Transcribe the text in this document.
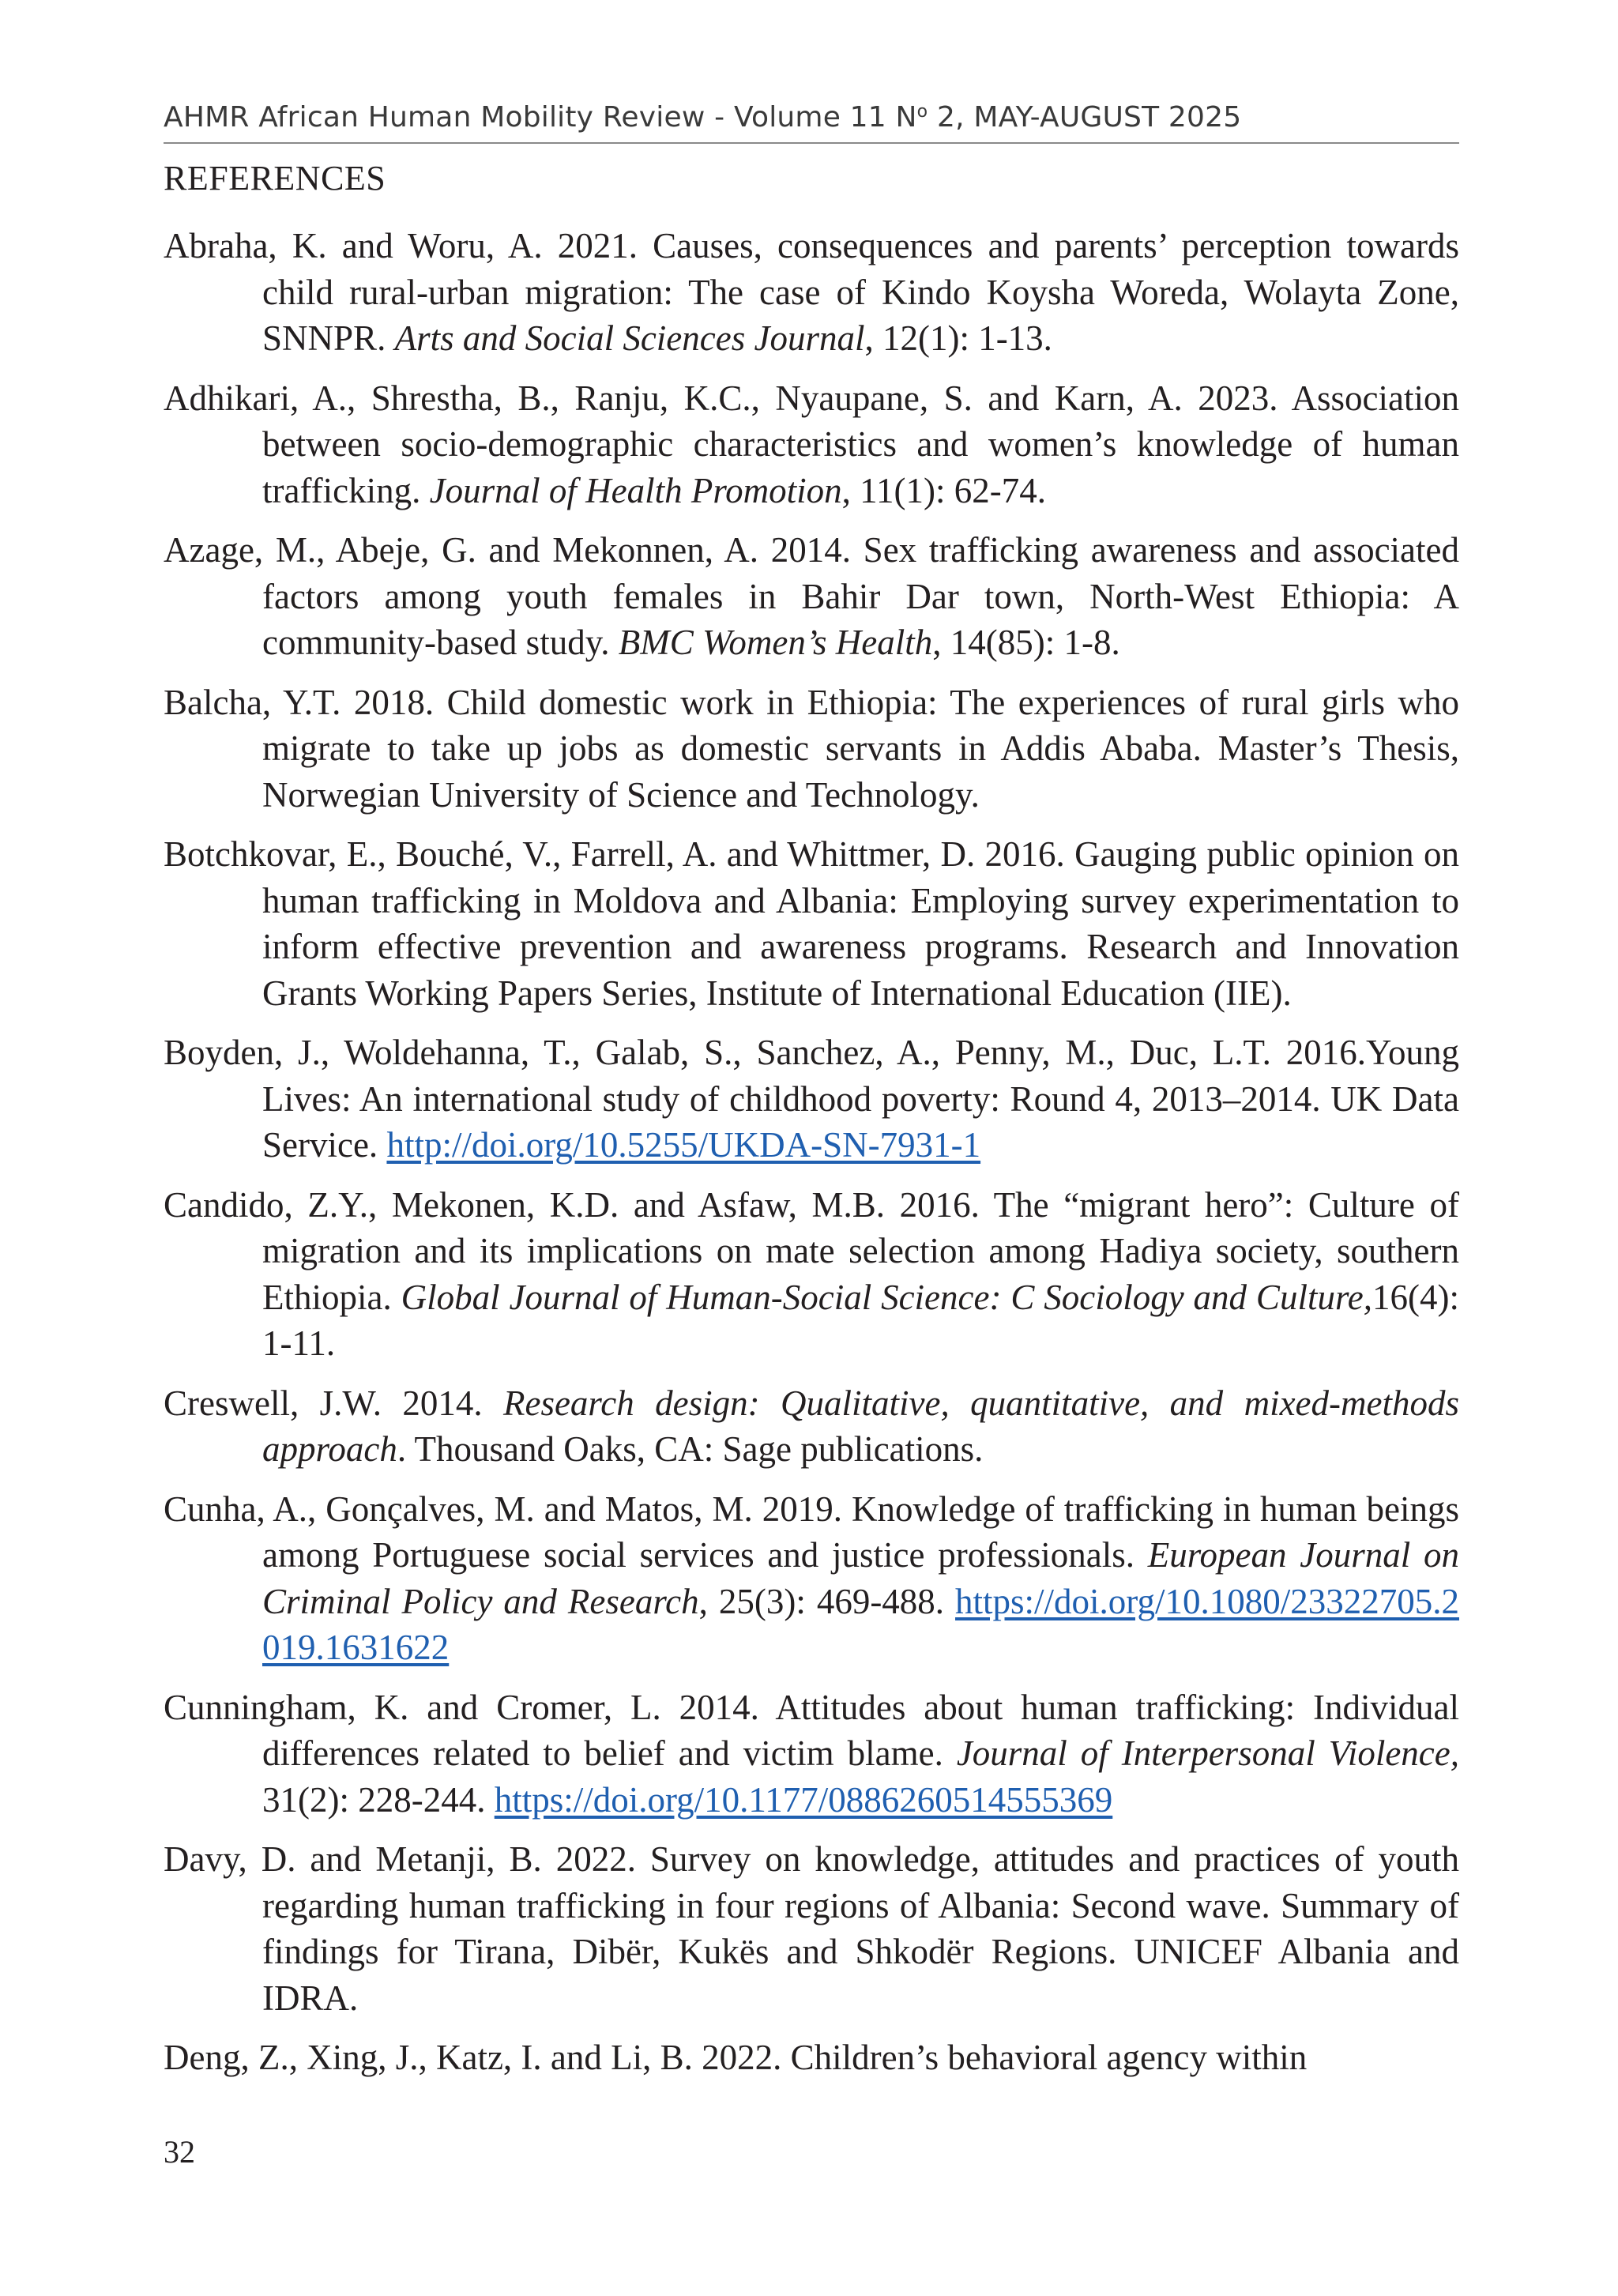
AHMR African Human Mobility Review - Volume 11 $N^o$ 2, MAY-AUGUST 2025
REFERENCES

Abraha, K. and Woru, A. 2021. Causes, consequences and parents’ perception towards child rural-urban migration: The case of Kindo Koysha Woreda, Wolayta Zone, SNNPR. Arts and Social Sciences Journal, 12(1): 1-13.

Adhikari, A., Shrestha, B., Ranju, K.C., Nyaupane, S. and Karn, A. 2023. Association between socio-demographic characteristics and women’s knowledge of human trafficking. Journal of Health Promotion, 11(1): 62-74.

Azage, M., Abeje, G. and Mekonnen, A. 2014. Sex trafficking awareness and associated factors among youth females in Bahir Dar town, North-West Ethiopia: A community-based study. BMC Women’s Health, 14(85): 1-8.

Balcha, Y.T. 2018. Child domestic work in Ethiopia: The experiences of rural girls who migrate to take up jobs as domestic servants in Addis Ababa. Master’s Thesis, Norwegian University of Science and Technology.

Botchkovar, E., Bouché, V., Farrell, A. and Whittmer, D. 2016. Gauging public opinion on human trafficking in Moldova and Albania: Employing survey experimentation to inform effective prevention and awareness programs. Research and Innovation Grants Working Papers Series, Institute of International Education (IIE).

Boyden, J., Woldehanna, T., Galab, S., Sanchez, A., Penny, M., Duc, L.T. 2016.Young Lives: An international study of childhood poverty: Round 4, 2013–2014. UK Data Service. http://doi.org/10.5255/UKDA-SN-7931-1

Candido, Z.Y., Mekonen, K.D. and Asfaw, M.B. 2016. The “migrant hero”: Culture of migration and its implications on mate selection among Hadiya society, southern Ethiopia. Global Journal of Human-Social Science: C Sociology and Culture,16(4): 1-11.

Creswell, J.W. 2014. Research design: Qualitative, quantitative, and mixed-methods approach. Thousand Oaks, CA: Sage publications.

Cunha, A., Gonçalves, M. and Matos, M. 2019. Knowledge of trafficking in human beings among Portuguese social services and justice professionals. European Journal on Criminal Policy and Research, 25(3): 469-488. https://doi.org/10.1080/23322705.2019.1631622

Cunningham, K. and Cromer, L. 2014. Attitudes about human trafficking: Individual differences related to belief and victim blame. Journal of Interpersonal Violence, 31(2): 228-244. https://doi.org/10.1177/0886260514555369

Davy, D. and Metanji, B. 2022. Survey on knowledge, attitudes and practices of youth regarding human trafficking in four regions of Albania: Second wave. Summary of findings for Tirana, Dibër, Kukës and Shkodër Regions. UNICEF Albania and IDRA.

Deng, Z., Xing, J., Katz, I. and Li, B. 2022. Children’s behavioral agency within

32
